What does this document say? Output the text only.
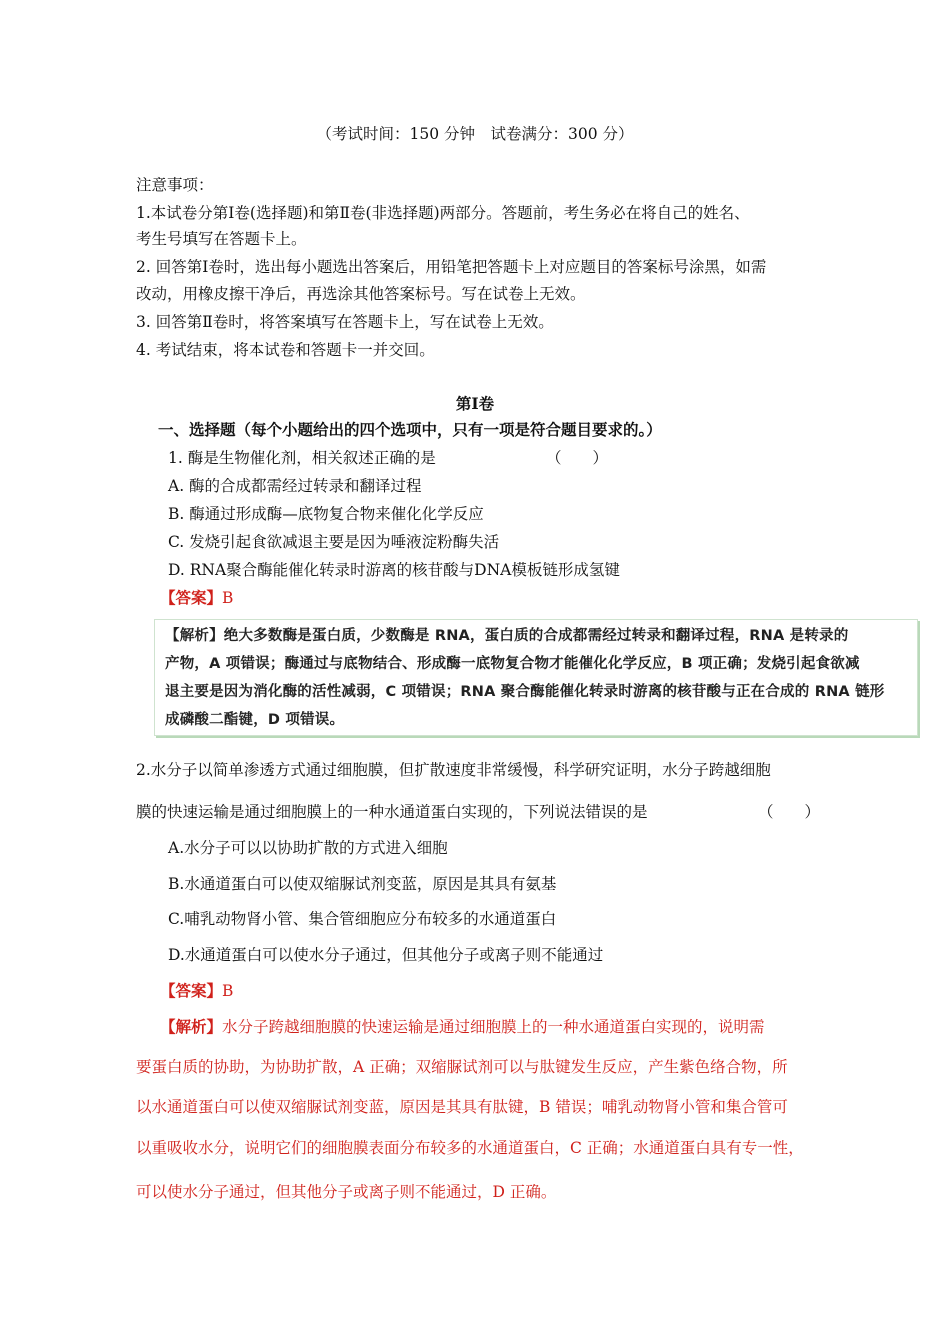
（考试时间：150 分钟　试卷满分：300 分）
注意事项：
1.本试卷分第Ⅰ卷(选择题)和第Ⅱ卷(非选择题)两部分。答题前，考生务必在将自己的姓名、
考生号填写在答题卡上。
2. 回答第Ⅰ卷时，选出每小题选出答案后，用铅笔把答题卡上对应题目的答案标号涂黑，如需
改动，用橡皮擦干净后，再选涂其他答案标号。写在试卷上无效。
3. 回答第Ⅱ卷时，将答案填写在答题卡上，写在试卷上无效。
4. 考试结束，将本试卷和答题卡一并交回。
第Ⅰ卷
一、选择题（每个小题给出的四个选项中，只有一项是符合题目要求的。）
1. 酶是生物催化剂，相关叙述正确的是	（　　）
A. 酶的合成都需经过转录和翻译过程
B. 酶通过形成酶—底物复合物来催化化学反应
C. 发烧引起食欲减退主要是因为唾液淀粉酶失活
D. RNA聚合酶能催化转录时游离的核苷酸与DNA模板链形成氢键
【答案】B
【解析】绝大多数酶是蛋白质，少数酶是 RNA，蛋白质的合成都需经过转录和翻译过程，RNA 是转录的
产物，A 项错误；酶通过与底物结合、形成酶一底物复合物才能催化化学反应，B 项正确；发烧引起食欲减
退主要是因为消化酶的活性减弱，C 项错误；RNA 聚合酶能催化转录时游离的核苷酸与正在合成的 RNA 链形
成磷酸二酯键，D 项错误。
2.水分子以简单渗透方式通过细胞膜，但扩散速度非常缓慢，科学研究证明，水分子跨越细胞
膜的快速运输是通过细胞膜上的一种水通道蛋白实现的，下列说法错误的是	（　　）
A.水分子可以以协助扩散的方式进入细胞
B.水通道蛋白可以使双缩脲试剂变蓝，原因是其具有氨基
C.哺乳动物肾小管、集合管细胞应分布较多的水通道蛋白
D.水通道蛋白可以使水分子通过，但其他分子或离子则不能通过
【答案】B
【解析】水分子跨越细胞膜的快速运输是通过细胞膜上的一种水通道蛋白实现的，说明需
要蛋白质的协助，为协助扩散，A 正确；双缩脲试剂可以与肽键发生反应，产生紫色络合物，所
以水通道蛋白可以使双缩脲试剂变蓝，原因是其具有肽键，B 错误；哺乳动物肾小管和集合管可
以重吸收水分，说明它们的细胞膜表面分布较多的水通道蛋白，C 正确；水通道蛋白具有专一性，
可以使水分子通过，但其他分子或离子则不能通过，D 正确。
